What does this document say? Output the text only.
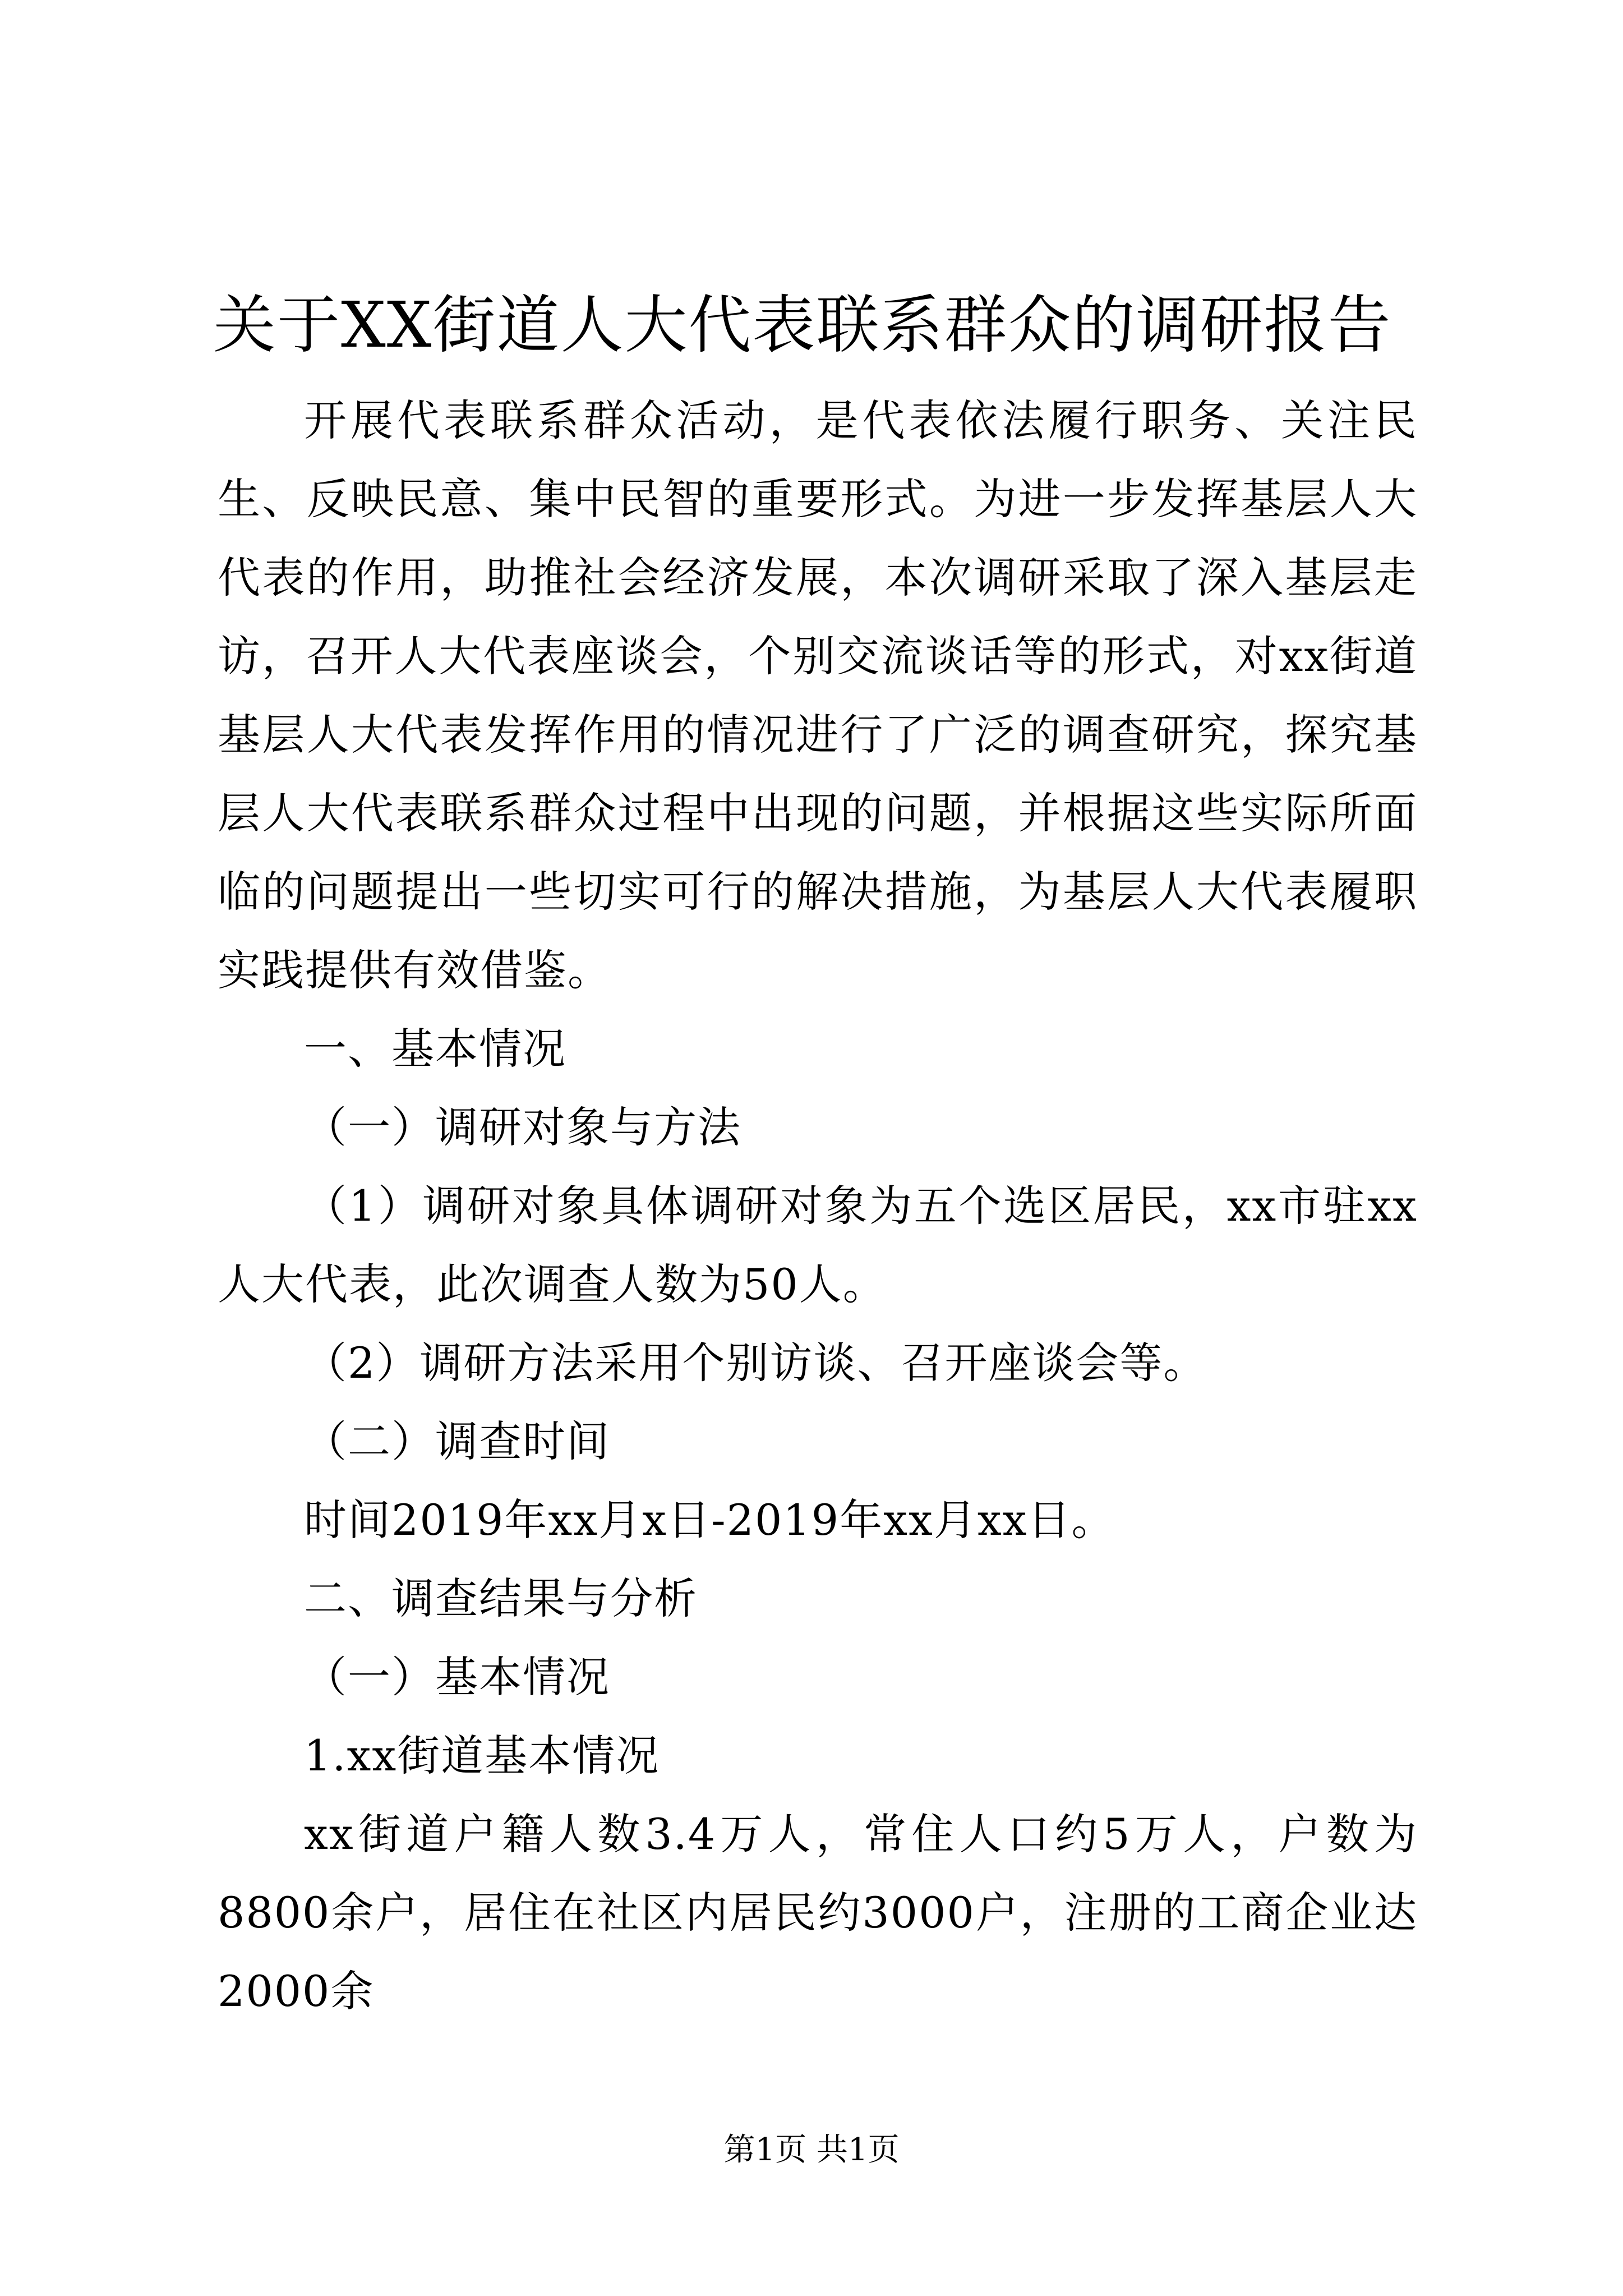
关于XX街道人大代表联系群众的调研报告

开展代表联系群众活动，是代表依法履行职务、关注民生、反映民意、集中民智的重要形式。为进一步发挥基层人大代表的作用，助推社会经济发展，本次调研采取了深入基层走访，召开人大代表座谈会，个别交流谈话等的形式，对xx街道基层人大代表发挥作用的情况进行了广泛的调查研究，探究基层人大代表联系群众过程中出现的问题，并根据这些实际所面临的问题提出一些切实可行的解决措施，为基层人大代表履职实践提供有效借鉴。

一、基本情况

（一）调研对象与方法

（1）调研对象具体调研对象为五个选区居民，xx市驻xx人大代表，此次调查人数为50人。

（2）调研方法采用个别访谈、召开座谈会等。

（二）调查时间

时间2019年xx月x日-2019年xx月xx日。

二、调查结果与分析

（一）基本情况

1.xx街道基本情况

xx街道户籍人数3.4万人，常住人口约5万人，户数为8800余户，居住在社区内居民约3000户，注册的工商企业达2000余

第1页 共1页
